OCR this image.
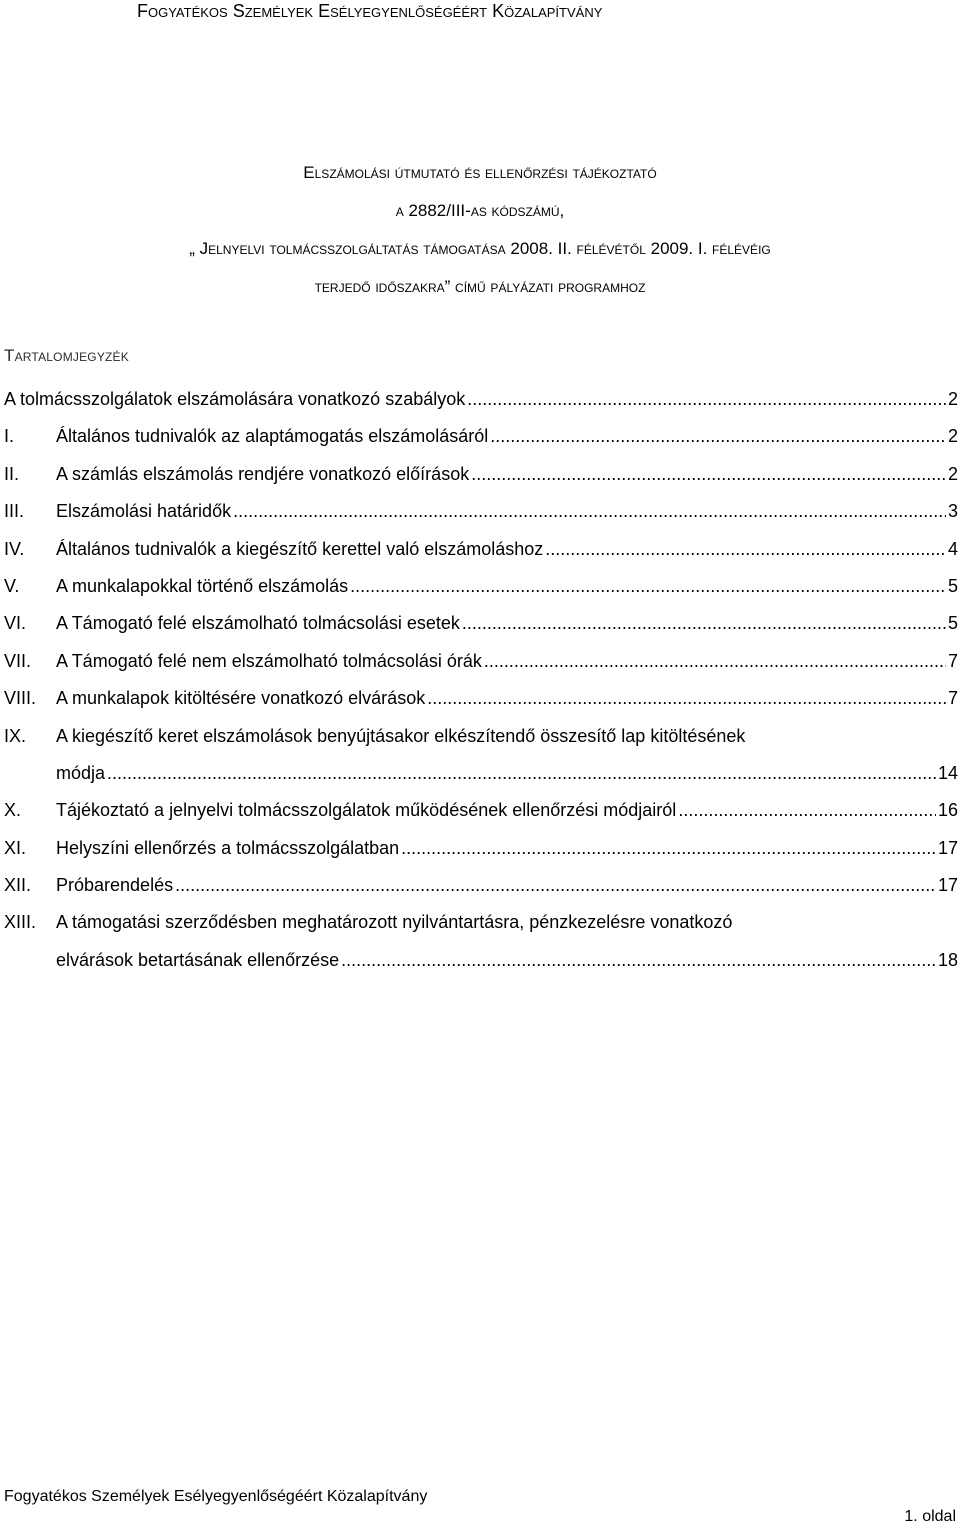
Fogyatékos Személyek Esélyegyenlőségéért Közalapítvány
Elszámolási útmutató és ellenőrzési tájékoztató
a 2882/III-as kódszámú,
„ Jelnyelvi tolmácsszolgáltatás támogatása 2008. II. félévétől 2009. I. félévéig
terjedő időszakra” című pályázati programhoz
Tartalomjegyzék
A tolmácsszolgálatok elszámolására vonatkozó szabályok .....	2
I. Általános tudnivalók az alaptámogatás elszámolásáról .....	2
II. A számlás elszámolás rendjére vonatkozó előírások .....	2
III. Elszámolási határidők .....	3
IV. Általános tudnivalók a kiegészítő kerettel való elszámoláshoz .....	4
V. A munkalapokkal történő elszámolás .....	5
VI. A Támogató felé elszámolható tolmácsolási esetek .....	5
VII. A Támogató felé nem elszámolható tolmácsolási órák .....	7
VIII. A munkalapok kitöltésére vonatkozó elvárások .....	7
IX. A kiegészítő keret elszámolások benyújtásakor elkészítendő összesítő lap kitöltésének
módja .....	14
X. Tájékoztató a jelnyelvi tolmácsszolgálatok működésének ellenőrzési módjairól .....	16
XI. Helyszíni ellenőrzés a tolmácsszolgálatban .....	17
XII. Próbarendelés .....	17
XIII. A támogatási szerződésben meghatározott nyilvántartásra, pénzkezelésre vonatkozó
elvárások betartásának ellenőrzése .....	18
Fogyatékos Személyek Esélyegyenlőségéért Közalapítvány
1. oldal
